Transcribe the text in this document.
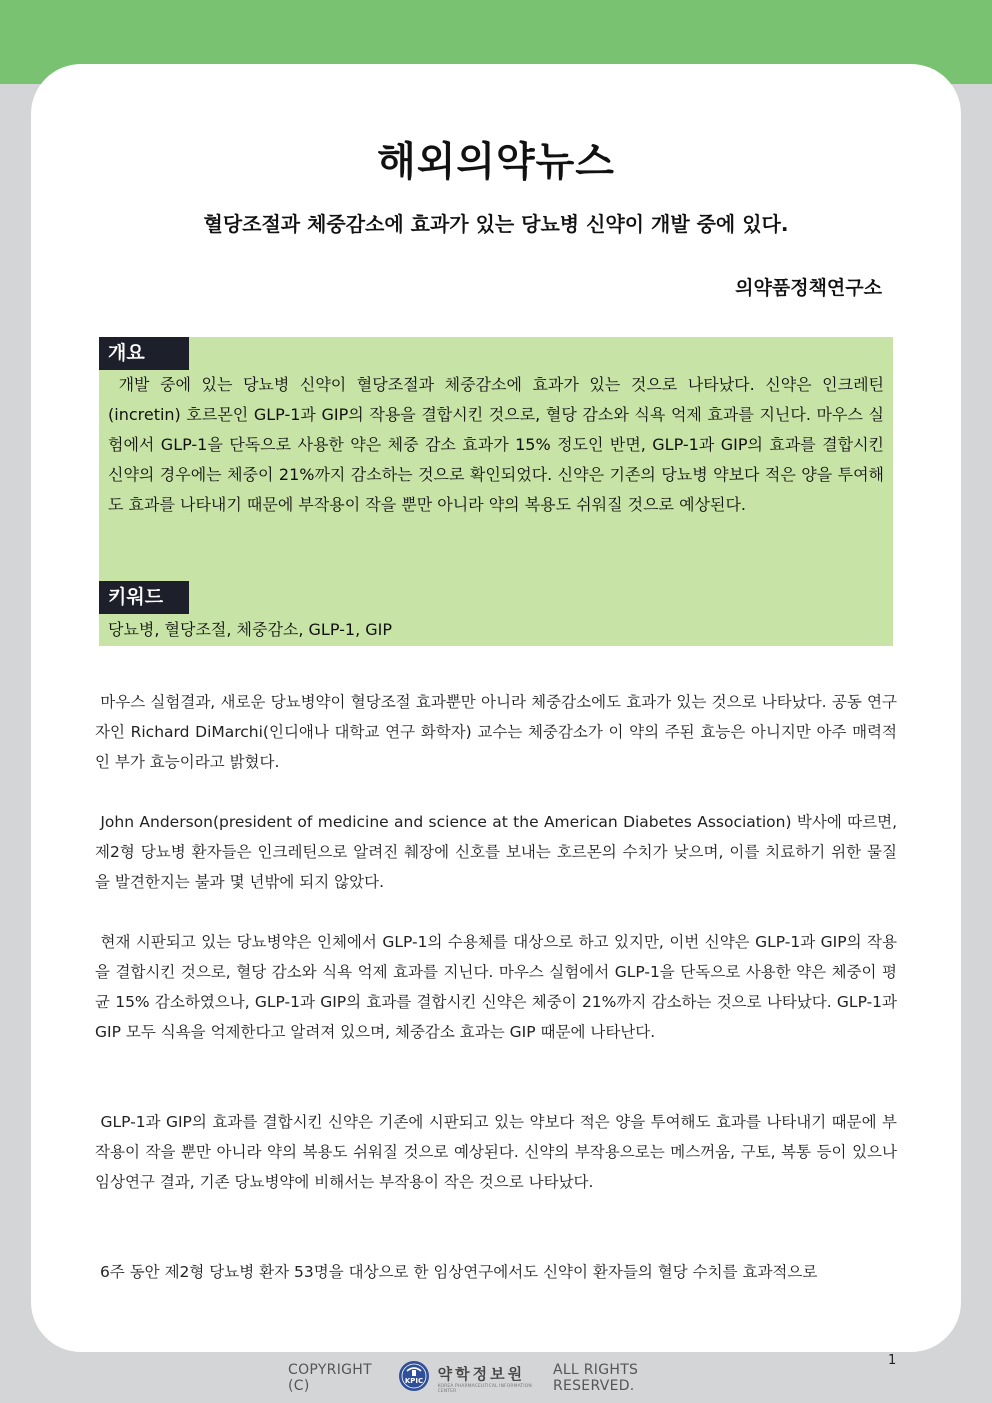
해외의약뉴스
혈당조절과 체중감소에 효과가 있는 당뇨병 신약이 개발 중에 있다.
의약품정책연구소
개요
개발 중에 있는 당뇨병 신약이 혈당조절과 체중감소에 효과가 있는 것으로 나타났다. 신약은 인크레틴(incretin) 호르몬인 GLP-1과 GIP의 작용을 결합시킨 것으로, 혈당 감소와 식욕 억제 효과를 지닌다. 마우스 실험에서 GLP-1을 단독으로 사용한 약은 체중 감소 효과가 15% 정도인 반면, GLP-1과 GIP의 효과를 결합시킨 신약의 경우에는 체중이 21%까지 감소하는 것으로 확인되었다. 신약은 기존의 당뇨병 약보다 적은 양을 투여해도 효과를 나타내기 때문에 부작용이 작을 뿐만 아니라 약의 복용도 쉬워질 것으로 예상된다.
키워드
당뇨병, 혈당조절, 체중감소, GLP-1, GIP
마우스 실험결과, 새로운 당뇨병약이 혈당조절 효과뿐만 아니라 체중감소에도 효과가 있는 것으로 나타났다. 공동 연구자인 Richard DiMarchi(인디애나 대학교 연구 화학자) 교수는 체중감소가 이 약의 주된 효능은 아니지만 아주 매력적인 부가 효능이라고 밝혔다.
John Anderson(president of medicine and science at the American Diabetes Association) 박사에 따르면, 제2형 당뇨병 환자들은 인크레틴으로 알려진 췌장에 신호를 보내는 호르몬의 수치가 낮으며, 이를 치료하기 위한 물질을 발견한지는 불과 몇 년밖에 되지 않았다.
현재 시판되고 있는 당뇨병약은 인체에서 GLP-1의 수용체를 대상으로 하고 있지만, 이번 신약은 GLP-1과 GIP의 작용을 결합시킨 것으로, 혈당 감소와 식욕 억제 효과를 지닌다. 마우스 실험에서 GLP-1을 단독으로 사용한 약은 체중이 평균 15% 감소하였으나, GLP-1과 GIP의 효과를 결합시킨 신약은 체중이 21%까지 감소하는 것으로 나타났다. GLP-1과 GIP 모두 식욕을 억제한다고 알려져 있으며, 체중감소 효과는 GIP 때문에 나타난다.
GLP-1과 GIP의 효과를 결합시킨 신약은 기존에 시판되고 있는 약보다 적은 양을 투여해도 효과를 나타내기 때문에 부작용이 작을 뿐만 아니라 약의 복용도 쉬워질 것으로 예상된다. 신약의 부작용으로는 메스꺼움, 구토, 복통 등이 있으나 임상연구 결과, 기존 당뇨병약에 비해서는 부작용이 작은 것으로 나타났다.
6주 동안 제2형 당뇨병 환자 53명을 대상으로 한 임상연구에서도 신약이 환자들의 혈당 수치를 효과적으로
1
COPYRIGHT (C)	KPIC 약학정보원
KOREA PHARMACEUTICAL INFORMATION CENTER
ALL RIGHTS RESERVED.
